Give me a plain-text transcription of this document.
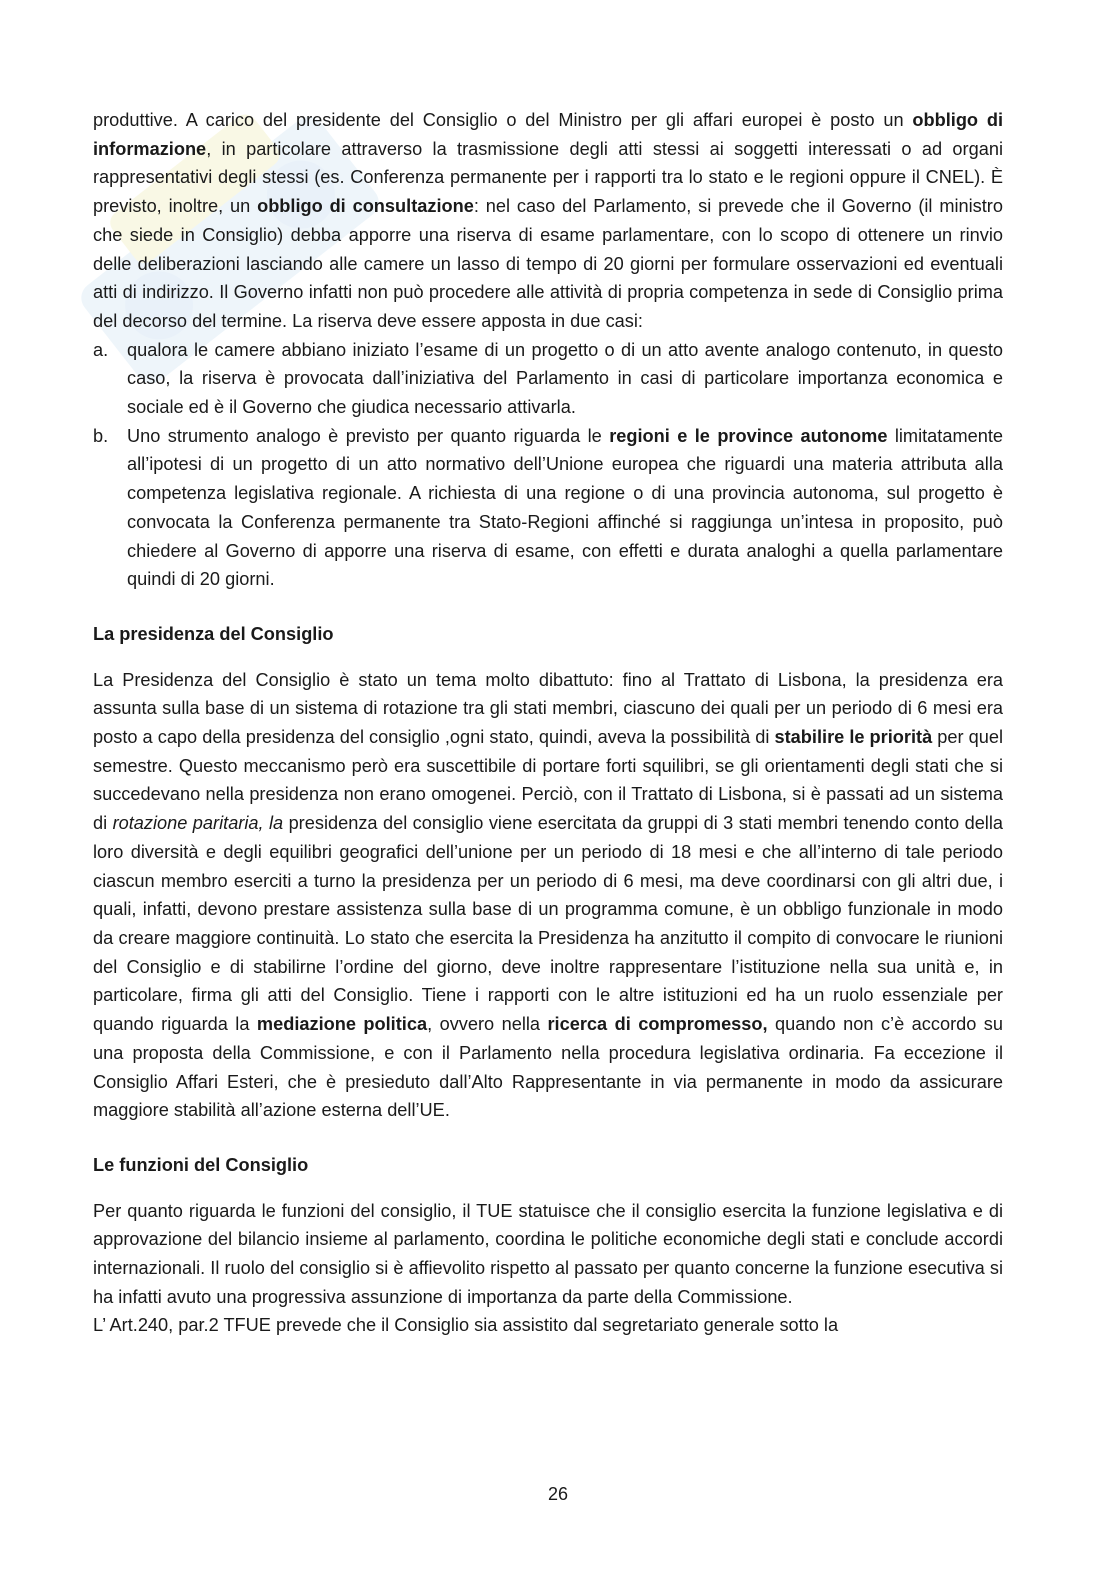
produttive. A carico del presidente del Consiglio o del Ministro per gli affari europei è posto un obbligo di informazione, in particolare attraverso la trasmissione degli atti stessi ai soggetti interessati o ad organi rappresentativi degli stessi (es. Conferenza permanente per i rapporti tra lo stato e le regioni oppure il CNEL). È previsto, inoltre, un obbligo di consultazione: nel caso del Parlamento, si prevede che il Governo (il ministro che siede in Consiglio) debba apporre una riserva di esame parlamentare, con lo scopo di ottenere un rinvio delle deliberazioni lasciando alle camere un lasso di tempo di 20 giorni per formulare osservazioni ed eventuali atti di indirizzo. Il Governo infatti non può procedere alle attività di propria competenza in sede di Consiglio prima del decorso del termine. La riserva deve essere apposta in due casi:

a. qualora le camere abbiano iniziato l’esame di un progetto o di un atto avente analogo contenuto, in questo caso, la riserva è provocata dall’iniziativa del Parlamento in casi di particolare importanza economica e sociale ed è il Governo che giudica necessario attivarla.
b. Uno strumento analogo è previsto per quanto riguarda le regioni e le province autonome limitatamente all’ipotesi di un progetto di un atto normativo dell’Unione europea che riguardi una materia attributa alla competenza legislativa regionale. A richiesta di una regione o di una provincia autonoma, sul progetto è convocata la Conferenza permanente tra Stato-Regioni affinché si raggiunga un’intesa in proposito, può chiedere al Governo di apporre una riserva di esame, con effetti e durata analoghi a quella parlamentare quindi di 20 giorni.
La presidenza del Consiglio

La Presidenza del Consiglio è stato un tema molto dibattuto: fino al Trattato di Lisbona, la presidenza era assunta sulla base di un sistema di rotazione tra gli stati membri, ciascuno dei quali per un periodo di 6 mesi era posto a capo della presidenza del consiglio ,ogni stato, quindi, aveva la possibilità di stabilire le priorità per quel semestre. Questo meccanismo però era suscettibile di portare forti squilibri, se gli orientamenti degli stati che si succedevano nella presidenza non erano omogenei. Perciò, con il Trattato di Lisbona, si è passati ad un sistema di rotazione paritaria, la presidenza del consiglio viene esercitata da gruppi di 3 stati membri tenendo conto della loro diversità e degli equilibri geografici dell’unione per un periodo di 18 mesi e che all’interno di tale periodo ciascun membro eserciti a turno la presidenza per un periodo di 6 mesi, ma deve coordinarsi con gli altri due, i quali, infatti, devono prestare assistenza sulla base di un programma comune, è un obbligo funzionale in modo da creare maggiore continuità. Lo stato che esercita la Presidenza ha anzitutto il compito di convocare le riunioni del Consiglio e di stabilirne l’ordine del giorno, deve inoltre rappresentare l’istituzione nella sua unità e, in particolare, firma gli atti del Consiglio. Tiene i rapporti con le altre istituzioni ed ha un ruolo essenziale per quando riguarda la mediazione politica, ovvero nella ricerca di compromesso, quando non c’è accordo su una proposta della Commissione, e con il Parlamento nella procedura legislativa ordinaria. Fa eccezione il Consiglio Affari Esteri, che è presieduto dall’Alto Rappresentante in via permanente in modo da assicurare maggiore stabilità all’azione esterna dell’UE.

Le funzioni del Consiglio

Per quanto riguarda le funzioni del consiglio, il TUE statuisce che il consiglio esercita la funzione legislativa e di approvazione del bilancio insieme al parlamento, coordina le politiche economiche degli stati e conclude accordi internazionali. Il ruolo del consiglio si è affievolito rispetto al passato per quanto concerne la funzione esecutiva si ha infatti avuto una progressiva assunzione di importanza da parte della Commissione.

L’ Art.240, par.2 TFUE prevede che il Consiglio sia assistito dal segretariato generale sotto la

26
